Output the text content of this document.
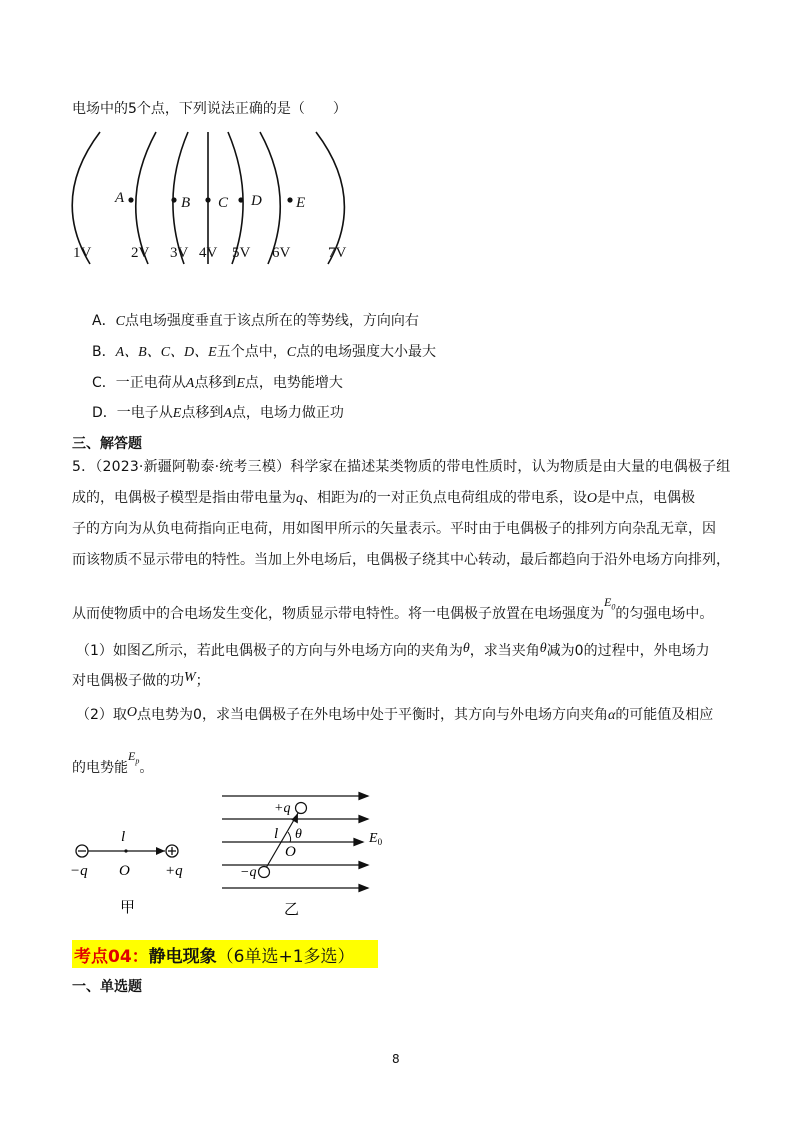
电场中的5个点，下列说法正确的是（　　）
A	B C D E
1V	2V 3V 4V 5V 6V	7V
A．C点电场强度垂直于该点所在的等势线，方向向右
B．A、B、C、D、E五个点中，C点的电场强度大小最大
C．一正电荷从A点移到E点，电势能增大
D．一电子从E点移到A点，电场力做正功
三、解答题
5．（2023·新疆阿勒泰·统考三模）科学家在描述某类物质的带电性质时，认为物质是由大量的电偶极子组
成的，电偶极子模型是指由带电量为q、相距为l的一对正负点电荷组成的带电系，设O是中点，电偶极
子的方向为从负电荷指向正电荷，用如图甲所示的矢量表示。平时由于电偶极子的排列方向杂乱无章，因
而该物质不显示带电的特性。当加上外电场后，电偶极子绕其中心转动，最后都趋向于沿外电场方向排列，
从而使物质中的合电场发生变化，物质显示带电特性。将一电偶极子放置在电场强度为$E_0$的匀强电场中。
（1）如图乙所示，若此电偶极子的方向与外电场方向的夹角为θ，求当夹角θ减为0的过程中，外电场力
对电偶极子做的功W；
（2）取O点电势为0，求当电偶极子在外电场中处于平衡时，其方向与外电场方向夹角α的可能值及相应
的电势能$E_p$。
l
O
−q	+q
甲
+q
l θ
O
−q
$E_0$
乙
考点04：静电现象（6单选+1多选）
一、单选题
8
